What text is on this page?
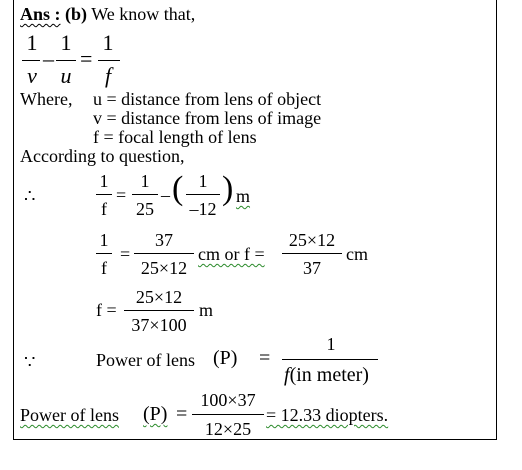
Ans : (b) We know that,
1
v
–
1
u
=
1
f
Where, u = distance from lens of object
v = distance from lens of image
f = focal length of lens
According to question,
∴
1
f
=
1
25
– ( 1
–12
) m
1
f
=
37
25×12
cm or f =
25×12
37
cm
f =
25×12
37×100
m
∵	Power of lens (P) =
1
f(in meter)
Power of lens (P) =
100×37
12×25
= 12.33 diopters.
